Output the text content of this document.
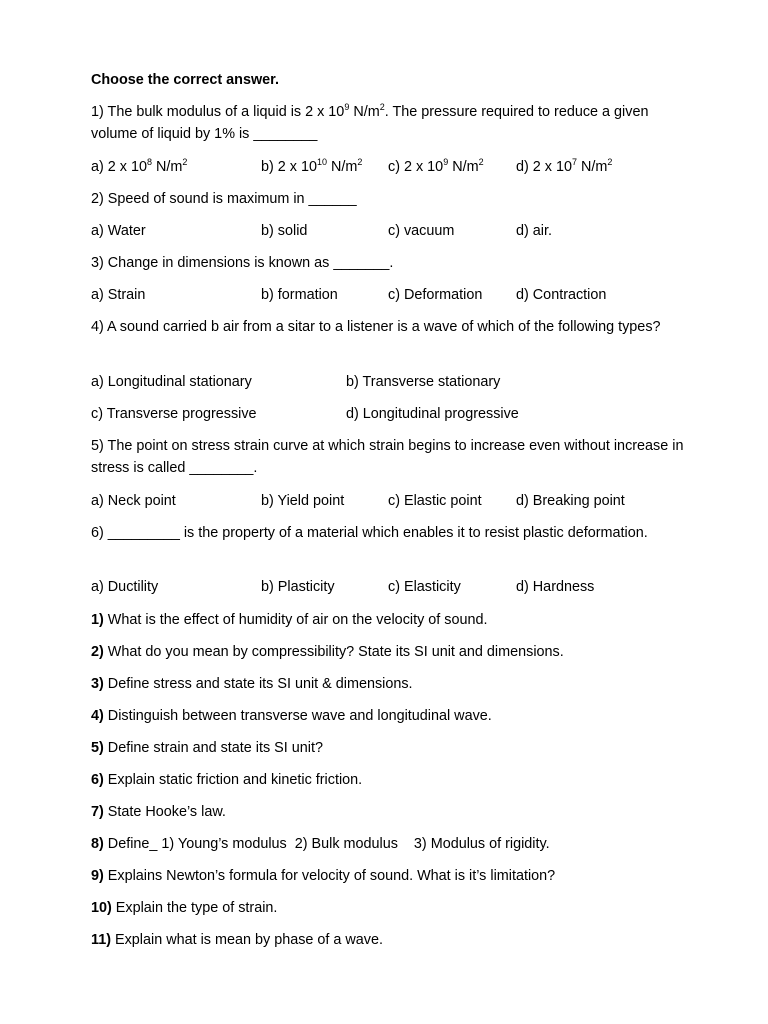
Choose the correct answer.
1) The bulk modulus of a liquid is 2 x $10^9$ $N/m^2$. The pressure required to reduce a given volume of liquid by 1% is ________
a) 2 x $10^8$ $N/m^2$	b) 2 x $10^{10}$ $N/m^2$ c) 2 x $10^9$ $N/m^2$ d) 2 x $10^7$ $N/m^2$
2) Speed of sound is maximum in ______
a) Water	b) solid	c) vacuum	d) air.
3) Change in dimensions is known as _______.
a) Strain	b) formation	c) Deformation d) Contraction
4) A sound carried b air from a sitar to a listener is a wave of which of the following types?
a) Longitudinal stationary	b) Transverse stationary
c) Transverse progressive	d) Longitudinal progressive
5) The point on stress strain curve at which strain begins to increase even without increase in stress is called ________.
a) Neck point	b) Yield point	c) Elastic point d) Breaking point
6) _________ is the property of a material which enables it to resist plastic deformation.
a) Ductility	b) Plasticity	c) Elasticity	d) Hardness
1) What is the effect of humidity of air on the velocity of sound.
2) What do you mean by compressibility? State its SI unit and dimensions.
3) Define stress and state its SI unit & dimensions.
4) Distinguish between transverse wave and longitudinal wave.
5) Define strain and state its SI unit?
6) Explain static friction and kinetic friction.
7) State Hooke’s law.
8) Define_ 1) Young’s modulus  2) Bulk modulus    3) Modulus of rigidity.
9) Explains Newton’s formula for velocity of sound. What is it’s limitation?
10) Explain the type of strain.
11) Explain what is mean by phase of a wave.
